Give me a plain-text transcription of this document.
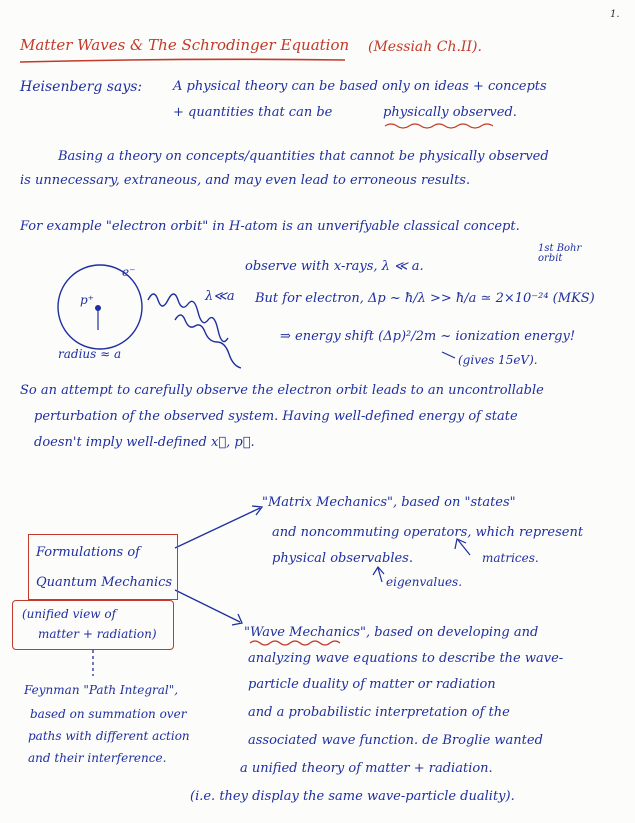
1.
Matter Waves & The Schrodinger Equation (Messiah Ch.II).
Heisenberg says: A physical theory can be based only on ideas + concepts
+ quantities that can be	physically observed.
Basing a theory on concepts/quantities that cannot be physically observed
is unnecessary, extraneous, and may even lead to erroneous results.
For example "electron orbit" in H-atom is an unverifyable classical concept.
e⁻
p⁺	λ≪a
radius ≈ a
observe with x-rays, λ ≪ a.
1st Bohr orbit
But for electron, Δp ~ ħ/λ >> ħ/a ≃ 2×10⁻²⁴ (MKS)
⇒ energy shift (Δp)²/2m ~ ionization energy!
(gives 15eV).
So an attempt to carefully observe the electron orbit leads to an uncontrollable
perturbation of the observed system. Having well-defined energy of state
doesn't imply well-defined x⃗, p⃗.
Formulations of
Quantum Mechanics
(unified view of
matter + radiation)
"Matrix Mechanics", based on "states"
and noncommuting operators, which represent
physical observables.	matrices.
eigenvalues.
"Wave Mechanics", based on developing and
analyzing wave equations to describe the wave-
particle duality of matter or radiation
and a probabilistic interpretation of the
associated wave function. de Broglie wanted
a unified theory of matter + radiation.
(i.e. they display the same wave-particle duality).
Feynman "Path Integral",
based on summation over
paths with different action
and their interference.
